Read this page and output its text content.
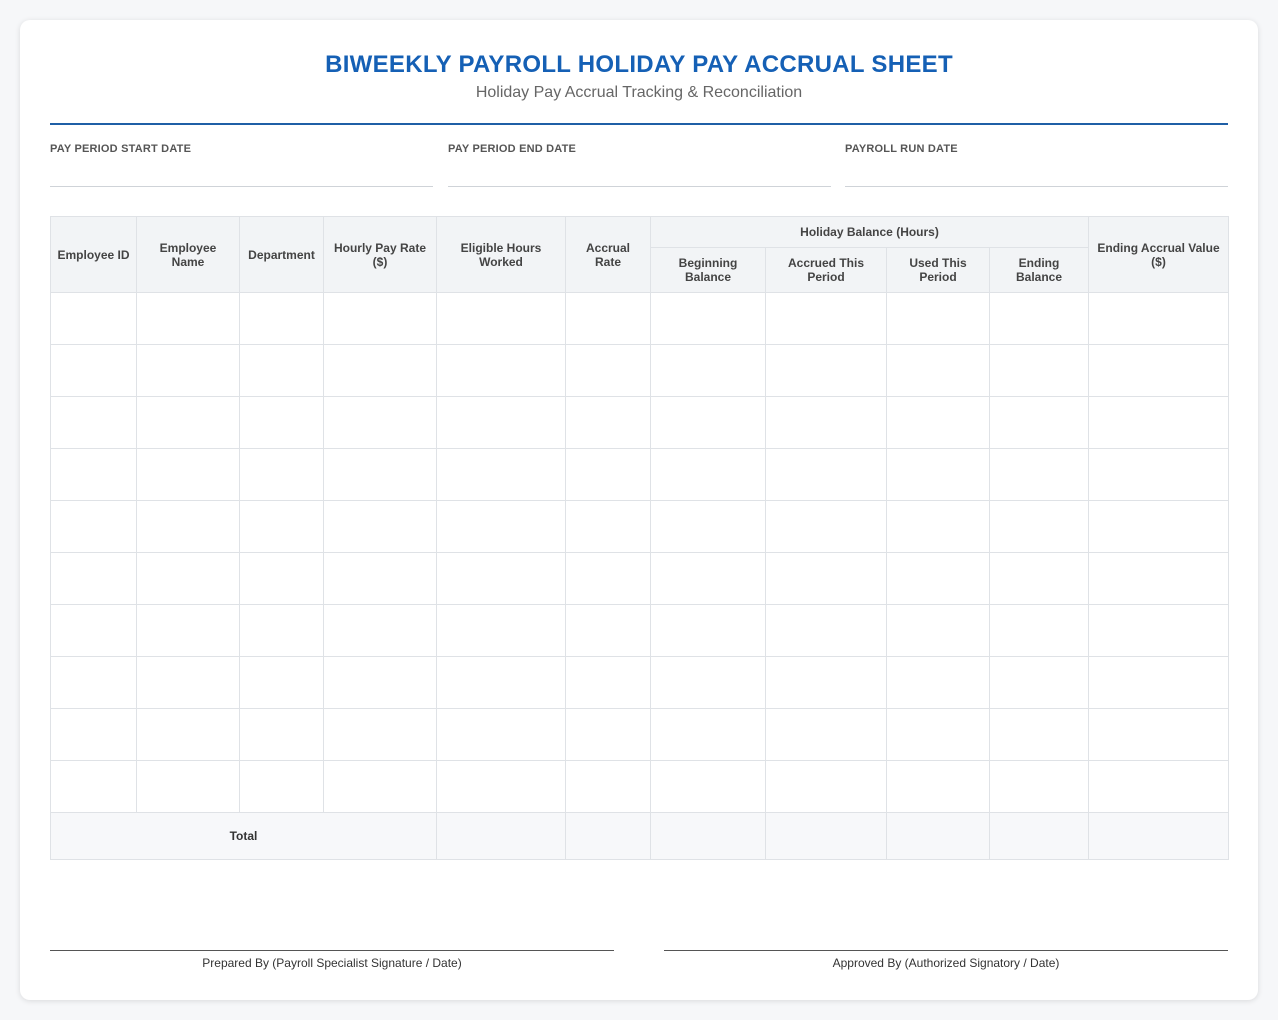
BIWEEKLY PAYROLL HOLIDAY PAY ACCRUAL SHEET
Holiday Pay Accrual Tracking & Reconciliation
PAY PERIOD START DATE	PAY PERIOD END DATE	PAYROLL RUN DATE
Employee ID	Employee Name	Department	Hourly Pay Rate ($)	Eligible Hours Worked	Accrual Rate	Holiday Balance (Hours)				Ending Accrual Value ($)
						Beginning Balance	Accrued This Period	Used This Period	Ending Balance	

Total										
Prepared By (Payroll Specialist Signature / Date)	Approved By (Authorized Signatory / Date)
